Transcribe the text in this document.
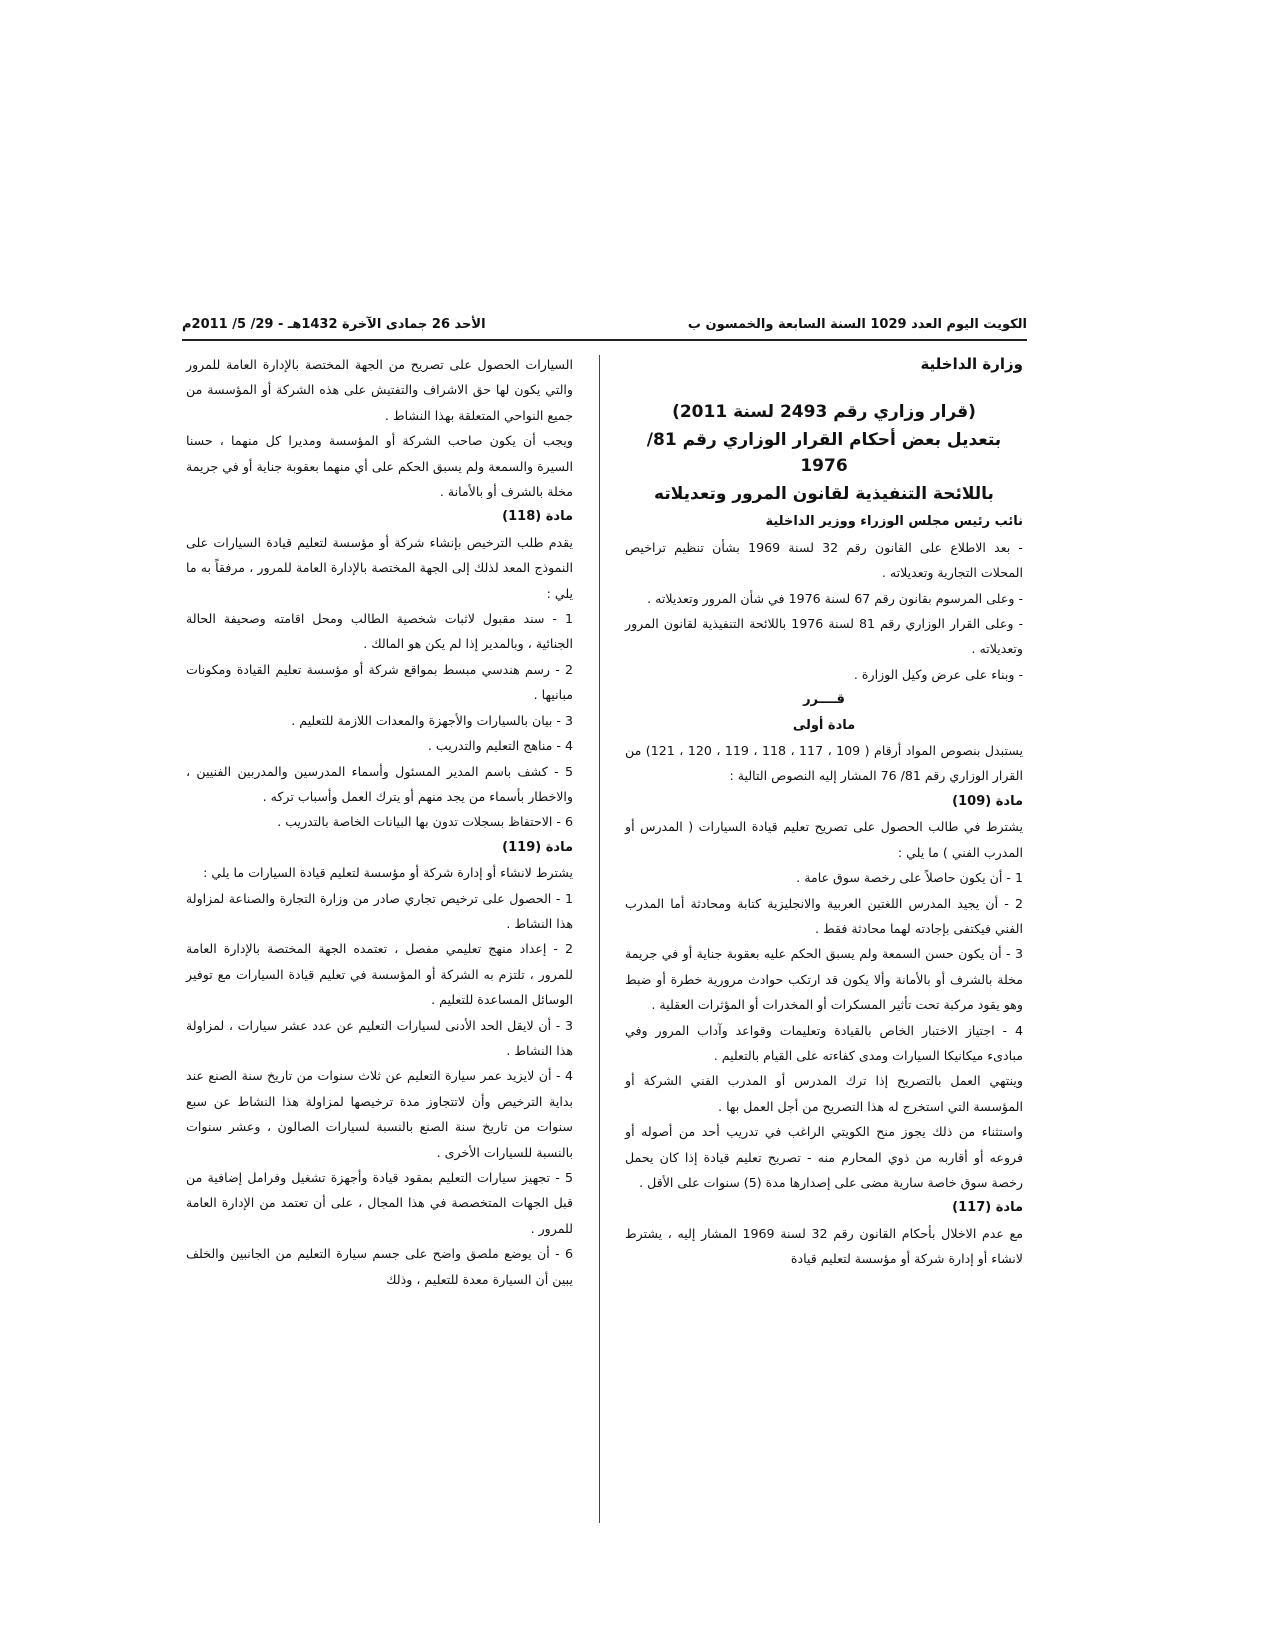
الكويت اليوم العدد 1029 السنة السابعة والخمسون ب
الأحد 26 جمادى الآخرة 1432هـ - 29/ 5/ 2011م
وزارة الداخلية
(قرار وزاري رقم 2493 لسنة 2011)
بتعديل بعض أحكام القرار الوزاري رقم 81/ 1976
باللائحة التنفيذية لقانون المرور وتعديلاته
نائب رئيس مجلس الوزراء ووزير الداخلية

- بعد الاطلاع على القانون رقم 32 لسنة 1969 بشأن تنظيم تراخيص المحلات التجارية وتعديلاته .

- وعلى المرسوم بقانون رقم 67 لسنة 1976 في شأن المرور وتعديلاته .

- وعلى القرار الوزاري رقم 81 لسنة 1976 باللائحة التنفيذية لقانون المرور وتعديلاته .

- وبناء على عرض وكيل الوزارة .

قــــرر
مادة أولى

يستبدل بنصوص المواد أرقام ( 109 ، 117 ، 118 ، 119 ، 120 ، 121) من القرار الوزاري رقم 81/ 76 المشار إليه النصوص التالية :

مادة (109)

يشترط في طالب الحصول على تصريح تعليم قيادة السيارات ( المدرس أو المدرب الفني ) ما يلي :

1 - أن يكون حاصلاً على رخصة سوق عامة .

2 - أن يجيد المدرس اللغتين العربية والانجليزية كتابة ومحادثة أما المدرب الفني فيكتفى بإجادته لهما محادثة فقط .

3 - أن يكون حسن السمعة ولم يسبق الحكم عليه بعقوبة جناية أو في جريمة مخلة بالشرف أو بالأمانة وألا يكون قد ارتكب حوادث مرورية خطرة أو ضبط وهو يقود مركبة تحت تأثير المسكرات أو المخدرات أو المؤثرات العقلية .

4 - اجتياز الاختبار الخاص بالقيادة وتعليمات وقواعد وآداب المرور وفي مبادىء ميكانيكا السيارات ومدى كفاءته على القيام بالتعليم .

وينتهي العمل بالتصريح إذا ترك المدرس أو المدرب الفني الشركة أو المؤسسة التي استخرج له هذا التصريح من أجل العمل بها .

واستثناء من ذلك يجوز منح الكويتي الراغب في تدريب أحد من أصوله أو فروعه أو أقاربه من ذوي المحارم منه - تصريح تعليم قيادة إذا كان يحمل رخصة سوق خاصة سارية مضى على إصدارها مدة (5) سنوات على الأقل .

مادة (117)

مع عدم الاخلال بأحكام القانون رقم 32 لسنة 1969 المشار إليه ، يشترط لانشاء أو إدارة شركة أو مؤسسة لتعليم قيادة

السيارات الحصول على تصريح من الجهة المختصة بالإدارة العامة للمرور والتي يكون لها حق الاشراف والتفتيش على هذه الشركة أو المؤسسة من جميع النواحي المتعلقة بهذا النشاط .

ويجب أن يكون صاحب الشركة أو المؤسسة ومديرا كل منهما ، حسنا السيرة والسمعة ولم يسبق الحكم على أي منهما بعقوبة جناية أو في جريمة مخلة بالشرف أو بالأمانة .

مادة (118)

يقدم طلب الترخيص بإنشاء شركة أو مؤسسة لتعليم قيادة السيارات على النموذج المعد لذلك إلى الجهة المختصة بالإدارة العامة للمرور ، مرفقاً به ما يلي :

1 - سند مقبول لاثبات شخصية الطالب ومحل اقامته وصحيفة الحالة الجنائية ، وبالمدير إذا لم يكن هو المالك .

2 - رسم هندسي مبسط بمواقع شركة أو مؤسسة تعليم القيادة ومكونات مبانيها .

3 - بيان بالسيارات والأجهزة والمعدات اللازمة للتعليم .

4 - مناهج التعليم والتدريب .

5 - كشف باسم المدير المسئول وأسماء المدرسين والمدربين الفنيين ، والاخطار بأسماء من يجد منهم أو يترك العمل وأسباب تركه .

6 - الاحتفاظ بسجلات تدون بها البيانات الخاصة بالتدريب .

مادة (119)

يشترط لانشاء أو إدارة شركة أو مؤسسة لتعليم قيادة السيارات ما يلي :

1 - الحصول على ترخيص تجاري صادر من وزارة التجارة والصناعة لمزاولة هذا النشاط .

2 - إعداد منهج تعليمي مفصل ، تعتمده الجهة المختصة بالإدارة العامة للمرور ، تلتزم به الشركة أو المؤسسة في تعليم قيادة السيارات مع توفير الوسائل المساعدة للتعليم .

3 - أن لايقل الحد الأدنى لسيارات التعليم عن عدد عشر سيارات ، لمزاولة هذا النشاط .

4 - أن لايزيد عمر سيارة التعليم عن ثلاث سنوات من تاريخ سنة الصنع عند بداية الترخيص وأن لاتتجاوز مدة ترخيصها لمزاولة هذا النشاط عن سبع سنوات من تاريخ سنة الصنع بالنسبة لسيارات الصالون ، وعشر سنوات بالنسبة للسيارات الأخرى .

5 - تجهيز سيارات التعليم بمقود قيادة وأجهزة تشغيل وفرامل إضافية من قبل الجهات المتخصصة في هذا المجال ، على أن تعتمد من الإدارة العامة للمرور .

6 - أن يوضع ملصق واضح على جسم سيارة التعليم من الجانبين والخلف يبين أن السيارة معدة للتعليم ، وذلك
